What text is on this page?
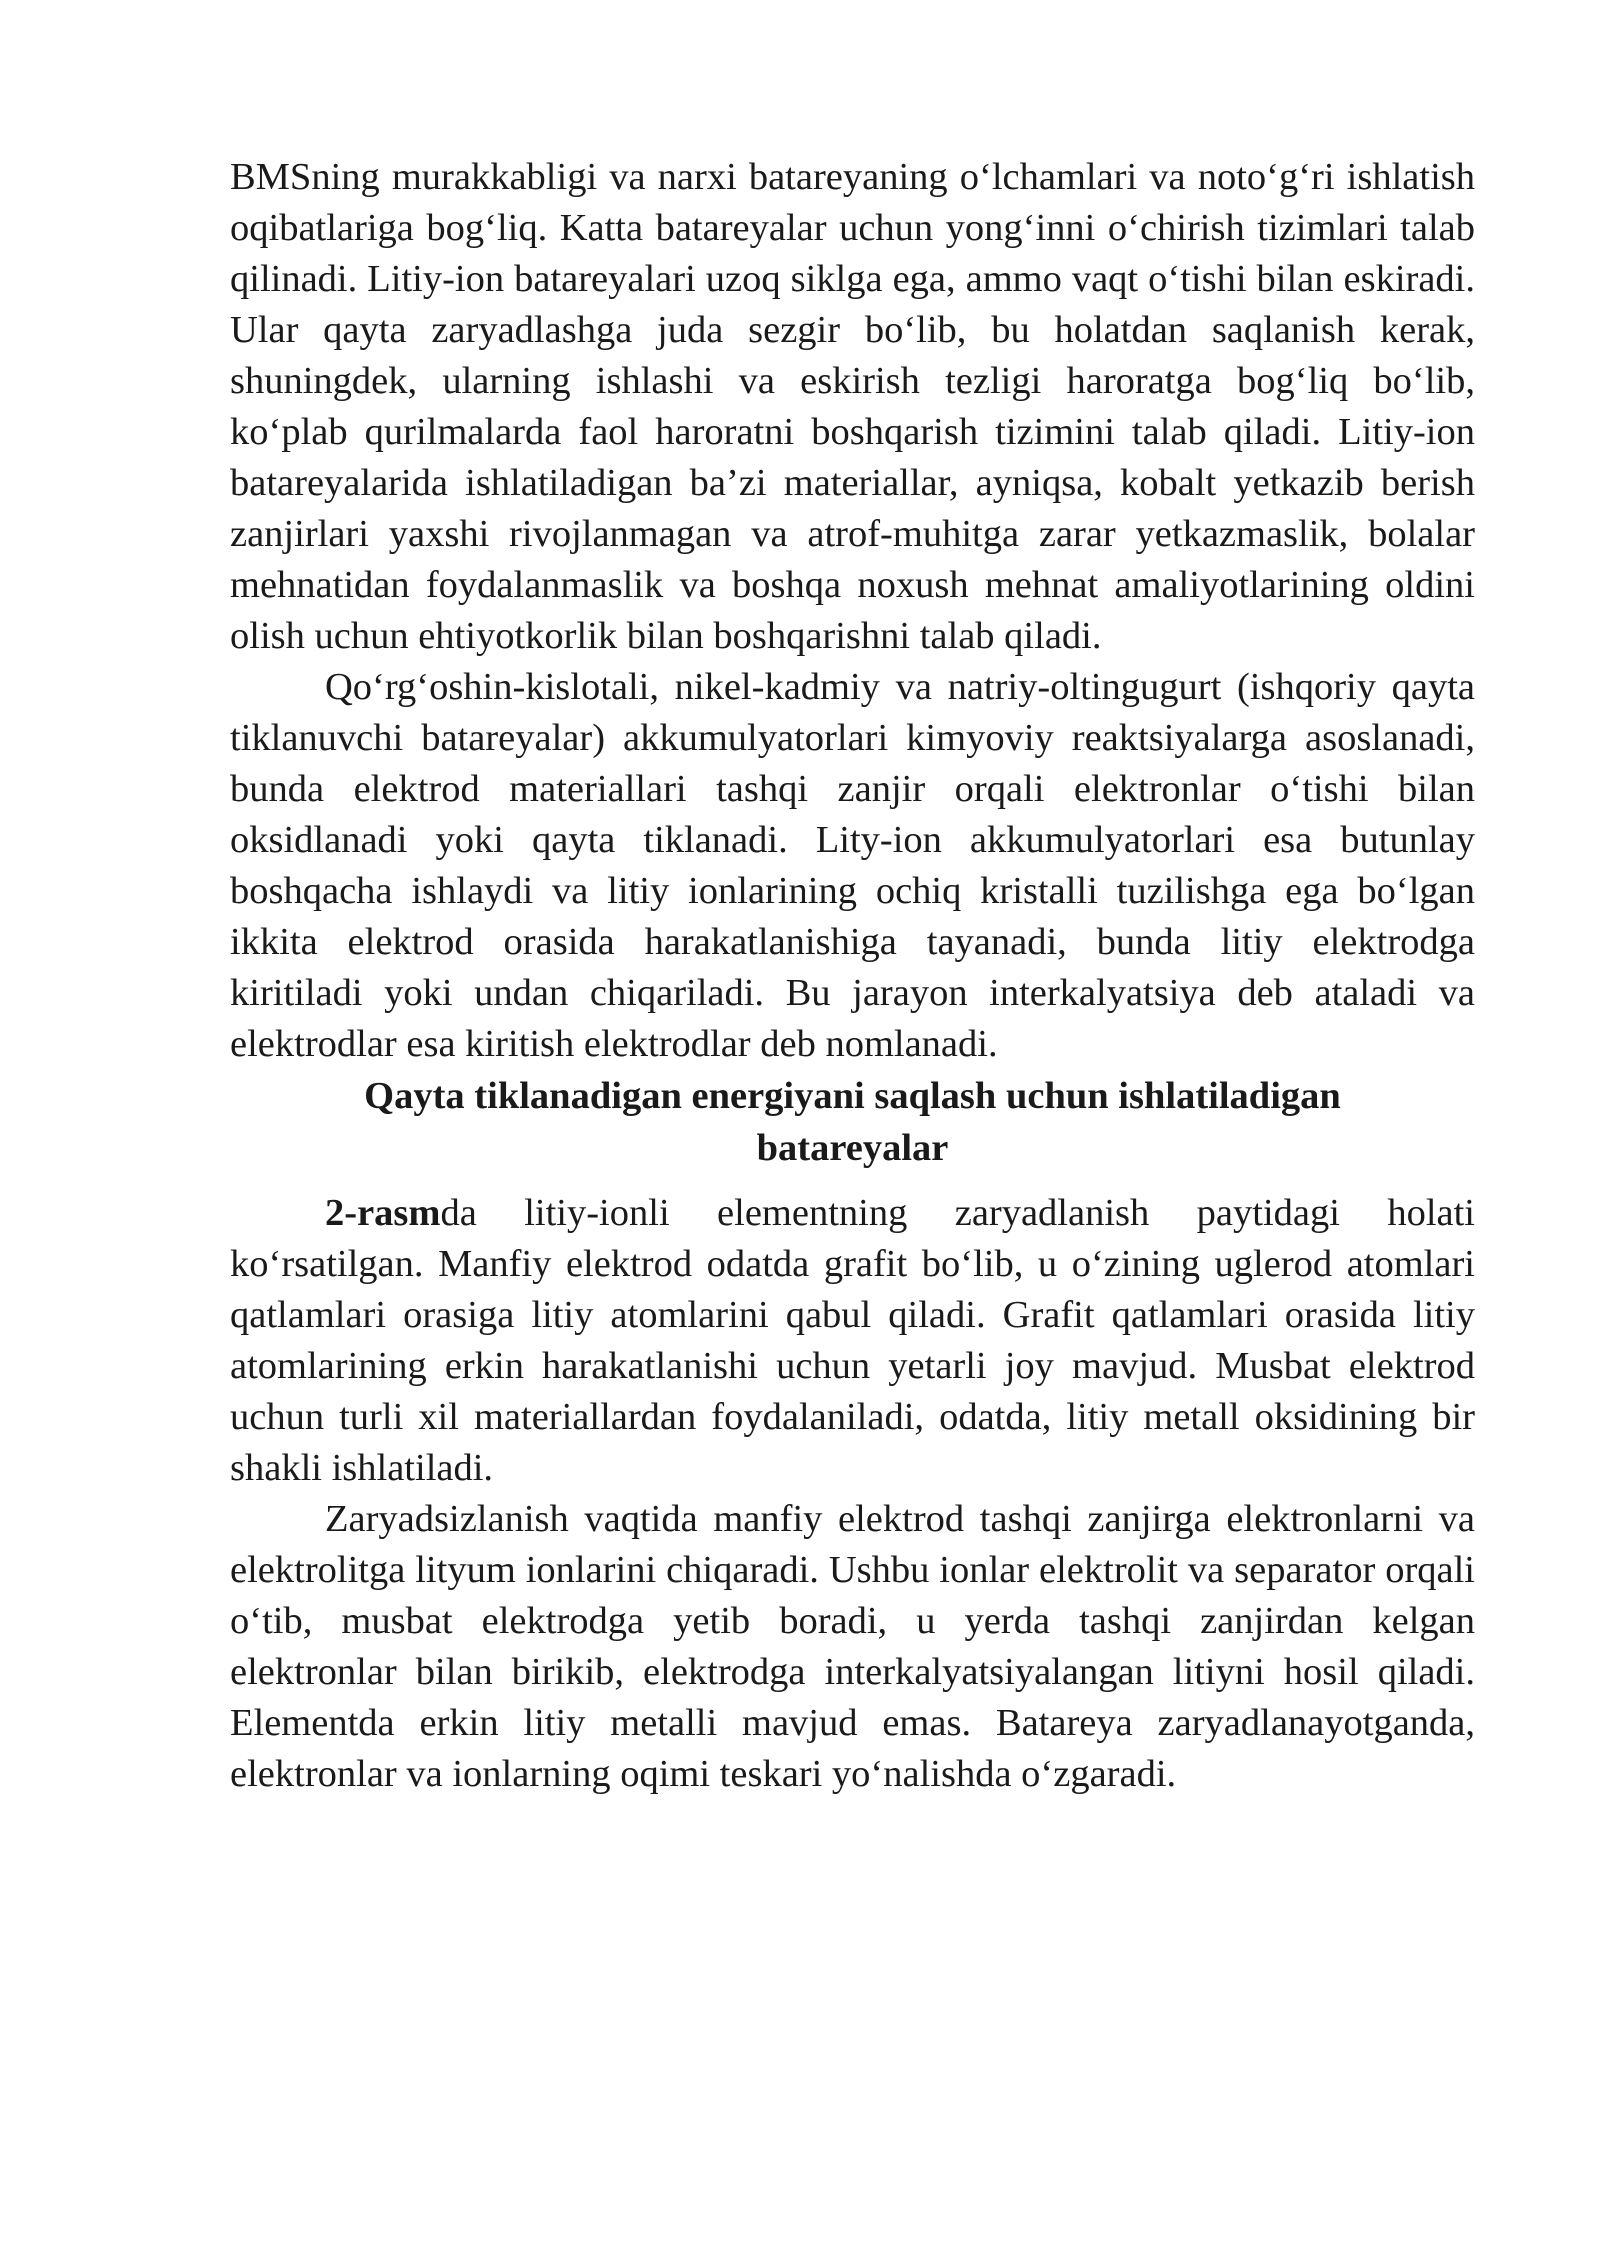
BMSning murakkabligi va narxi batareyaning o‘lchamlari va noto‘g‘ri ishlatish oqibatlariga bog‘liq. Katta batareyalar uchun yong‘inni o‘chirish tizimlari talab qilinadi. Litiy-ion batareyalari uzoq siklga ega, ammo vaqt o‘tishi bilan eskiradi. Ular qayta zaryadlashga juda sezgir bo‘lib, bu holatdan saqlanish kerak, shuningdek, ularning ishlashi va eskirish tezligi haroratga bog‘liq bo‘lib, ko‘plab qurilmalarda faol haroratni boshqarish tizimini talab qiladi. Litiy-ion batareyalarida ishlatiladigan ba’zi materiallar, ayniqsa, kobalt yetkazib berish zanjirlari yaxshi rivojlanmagan va atrof-muhitga zarar yetkazmaslik, bolalar mehnatidan foydalanmaslik va boshqa noxush mehnat amaliyotlarining oldini olish uchun ehtiyotkorlik bilan boshqarishni talab qiladi.

Qo‘rg‘oshin-kislotali, nikel-kadmiy va natriy-oltingugurt (ishqoriy qayta tiklanuvchi batareyalar) akkumulyatorlari kimyoviy reaktsiyalarga asoslanadi, bunda elektrod materiallari tashqi zanjir orqali elektronlar o‘tishi bilan oksidlanadi yoki qayta tiklanadi. Lity-ion akkumulyatorlari esa butunlay boshqacha ishlaydi va litiy ionlarining ochiq kristalli tuzilishga ega bo‘lgan ikkita elektrod orasida harakatlanishiga tayanadi, bunda litiy elektrodga kiritiladi yoki undan chiqariladi. Bu jarayon interkalyatsiya deb ataladi va elektrodlar esa kiritish elektrodlar deb nomlanadi.

Qayta tiklanadigan energiyani saqlash uchun ishlatiladigan

batareyalar

2-rasmda litiy-ionli elementning zaryadlanish paytidagi holati ko‘rsatilgan. Manfiy elektrod odatda grafit bo‘lib, u o‘zining uglerod atomlari qatlamlari orasiga litiy atomlarini qabul qiladi. Grafit qatlamlari orasida litiy atomlarining erkin harakatlanishi uchun yetarli joy mavjud. Musbat elektrod uchun turli xil materiallardan foydalaniladi, odatda, litiy metall oksidining bir shakli ishlatiladi.

Zaryadsizlanish vaqtida manfiy elektrod tashqi zanjirga elektronlarni va elektrolitga lityum ionlarini chiqaradi. Ushbu ionlar elektrolit va separator orqali o‘tib, musbat elektrodga yetib boradi, u yerda tashqi zanjirdan kelgan elektronlar bilan birikib, elektrodga interkalyatsiyalangan litiyni hosil qiladi. Elementda erkin litiy metalli mavjud emas. Batareya zaryadlanayotganda, elektronlar va ionlarning oqimi teskari yo‘nalishda o‘zgaradi.
